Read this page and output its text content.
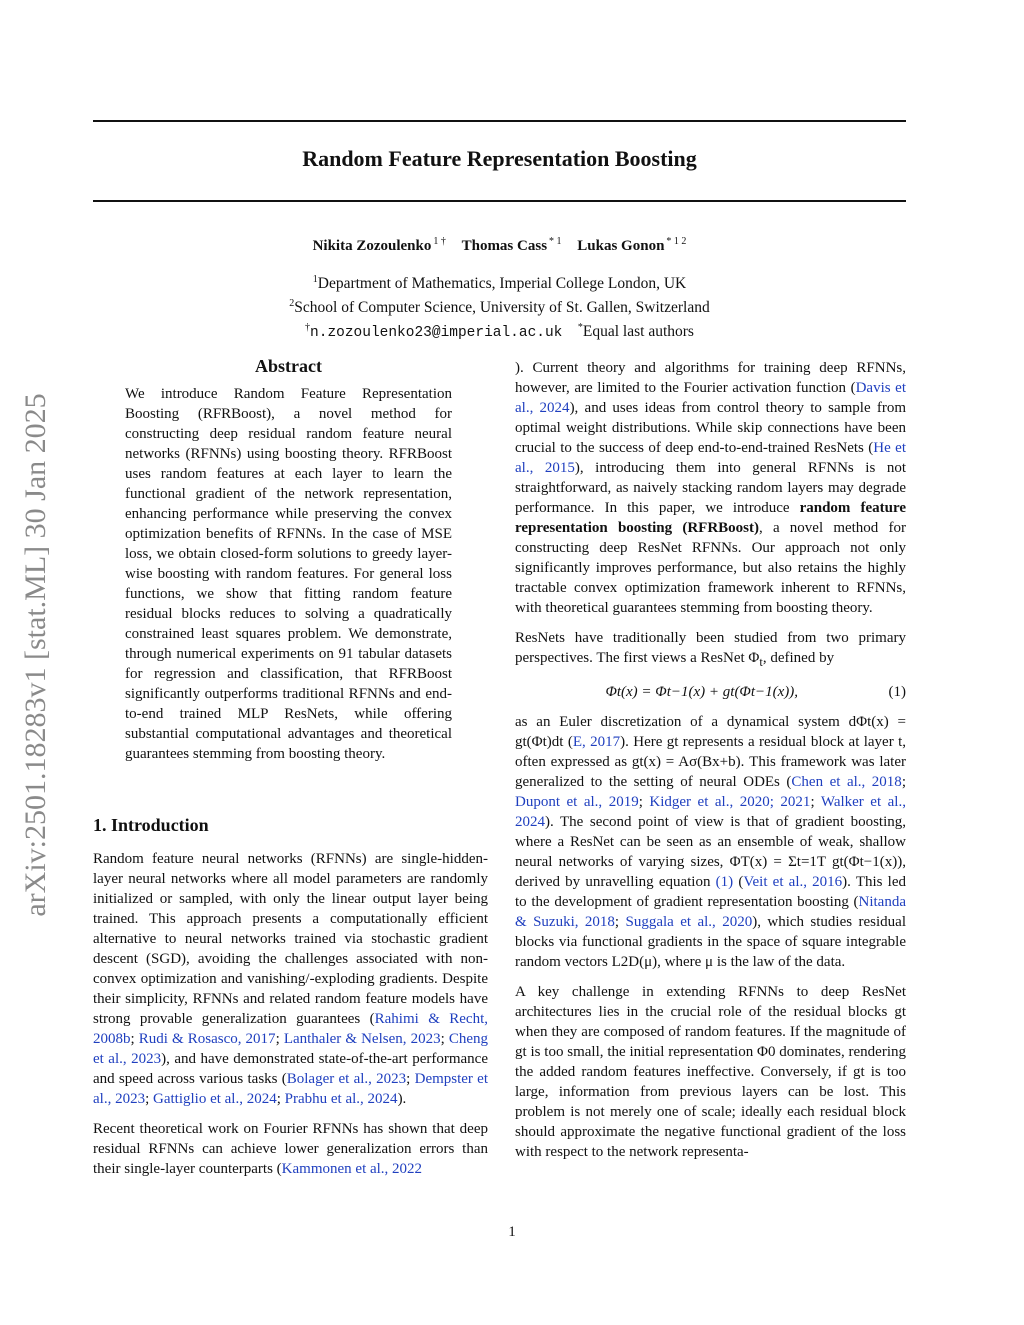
arXiv:2501.18283v1 [stat.ML] 30 Jan 2025
Random Feature Representation Boosting
Nikita Zozoulenko $^{1 \dagger}$ Thomas Cass $^{* 1}$ Lukas Gonon $^{* 1 2}$
$^1$Department of Mathematics, Imperial College London, UK
$^2$School of Computer Science, University of St. Gallen, Switzerland
†n.zozoulenko23@imperial.ac.uk *Equal last authors
Abstract

We introduce Random Feature Representation Boosting (RFRBoost), a novel method for constructing deep residual random feature neural networks (RFNNs) using boosting theory. RFRBoost uses random features at each layer to learn the functional gradient of the network representation, enhancing performance while preserving the convex optimization benefits of RFNNs. In the case of MSE loss, we obtain closed-form solutions to greedy layer-wise boosting with random features. For general loss functions, we show that fitting random feature residual blocks reduces to solving a quadratically constrained least squares problem. We demonstrate, through numerical experiments on 91 tabular datasets for regression and classification, that RFRBoost significantly outperforms traditional RFNNs and end-to-end trained MLP ResNets, while offering substantial computational advantages and theoretical guarantees stemming from boosting theory.

1. Introduction

Random feature neural networks (RFNNs) are single-hidden-layer neural networks where all model parameters are randomly initialized or sampled, with only the linear output layer being trained. This approach presents a computationally efficient alternative to neural networks trained via stochastic gradient descent (SGD), avoiding the challenges associated with non-convex optimization and vanishing/-exploding gradients. Despite their simplicity, RFNNs and related random feature models have strong provable generalization guarantees (Rahimi & Recht, 2008b; Rudi & Rosasco, 2017; Lanthaler & Nelsen, 2023; Cheng et al., 2023), and have demonstrated state-of-the-art performance and speed across various tasks (Bolager et al., 2023; Dempster et al., 2023; Gattiglio et al., 2024; Prabhu et al., 2024).

Recent theoretical work on Fourier RFNNs has shown that deep residual RFNNs can achieve lower generalization errors than their single-layer counterparts (Kammonen et al., 2022

). Current theory and algorithms for training deep RFNNs, however, are limited to the Fourier activation function (Davis et al., 2024), and uses ideas from control theory to sample from optimal weight distributions. While skip connections have been crucial to the success of deep end-to-end-trained ResNets (He et al., 2015), introducing them into general RFNNs is not straightforward, as naively stacking random layers may degrade performance. In this paper, we introduce random feature representation boosting (RFRBoost), a novel method for constructing deep ResNet RFNNs. Our approach not only significantly improves performance, but also retains the highly tractable convex optimization framework inherent to RFNNs, with theoretical guarantees stemming from boosting theory.

ResNets have traditionally been studied from two primary perspectives. The first views a ResNet $\Phi_t$, defined by

Φt(x) = Φt−1(x) + gt(Φt−1(x)),	(1)

as an Euler discretization of a dynamical system dΦt(x) = gt(Φt)dt (E, 2017). Here gt represents a residual block at layer t, often expressed as gt(x) = Aσ(Bx+b). This framework was later generalized to the setting of neural ODEs (Chen et al., 2018; Dupont et al., 2019; Kidger et al., 2020; 2021; Walker et al., 2024). The second point of view is that of gradient boosting, where a ResNet can be seen as an ensemble of weak, shallow neural networks of varying sizes, ΦT(x) = Σt=1T gt(Φt−1(x)), derived by unravelling equation (1) (Veit et al., 2016). This led to the development of gradient representation boosting (Nitanda & Suzuki, 2018; Suggala et al., 2020), which studies residual blocks via functional gradients in the space of square integrable random vectors L2D(μ), where μ is the law of the data.

A key challenge in extending RFNNs to deep ResNet architectures lies in the crucial role of the residual blocks gt when they are composed of random features. If the magnitude of gt is too small, the initial representation Φ0 dominates, rendering the added random features ineffective. Conversely, if gt is too large, information from previous layers can be lost. This problem is not merely one of scale; ideally each residual block should approximate the negative functional gradient of the loss with respect to the network representa-

1
